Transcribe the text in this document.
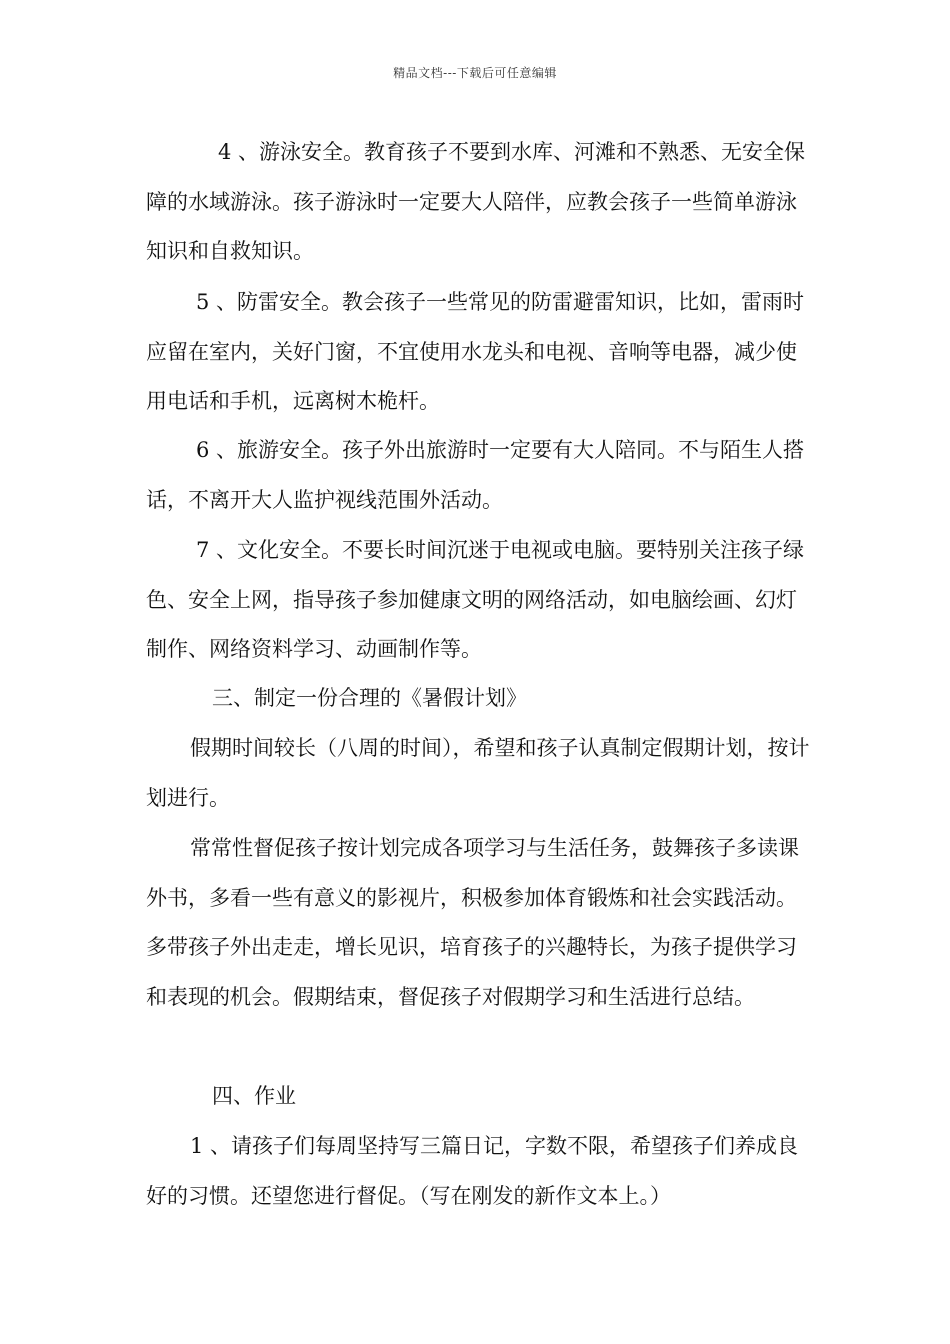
精品文档---下载后可任意编辑

4 、游泳安全。教育孩子不要到水库、河滩和不熟悉、无安全保障的水域游泳。孩子游泳时一定要大人陪伴，应教会孩子一些简单游泳知识和自救知识。

5 、防雷安全。教会孩子一些常见的防雷避雷知识，比如，雷雨时应留在室内，关好门窗，不宜使用水龙头和电视、音响等电器，减少使用电话和手机，远离树木桅杆。

6 、旅游安全。孩子外出旅游时一定要有大人陪同。不与陌生人搭话，不离开大人监护视线范围外活动。

7 、文化安全。不要长时间沉迷于电视或电脑。要特别关注孩子绿色、安全上网，指导孩子参加健康文明的网络活动，如电脑绘画、幻灯制作、网络资料学习、动画制作等。

三、制定一份合理的《暑假计划》

假期时间较长（八周的时间），希望和孩子认真制定假期计划，按计划进行。

常常性督促孩子按计划完成各项学习与生活任务，鼓舞孩子多读课外书，多看一些有意义的影视片，积极参加体育锻炼和社会实践活动。多带孩子外出走走，增长见识，培育孩子的兴趣特长，为孩子提供学习和表现的机会。假期结束，督促孩子对假期学习和生活进行总结。

四、作业

1 、请孩子们每周坚持写三篇日记，字数不限，希望孩子们养成良好的习惯。还望您进行督促。（写在刚发的新作文本上。）
